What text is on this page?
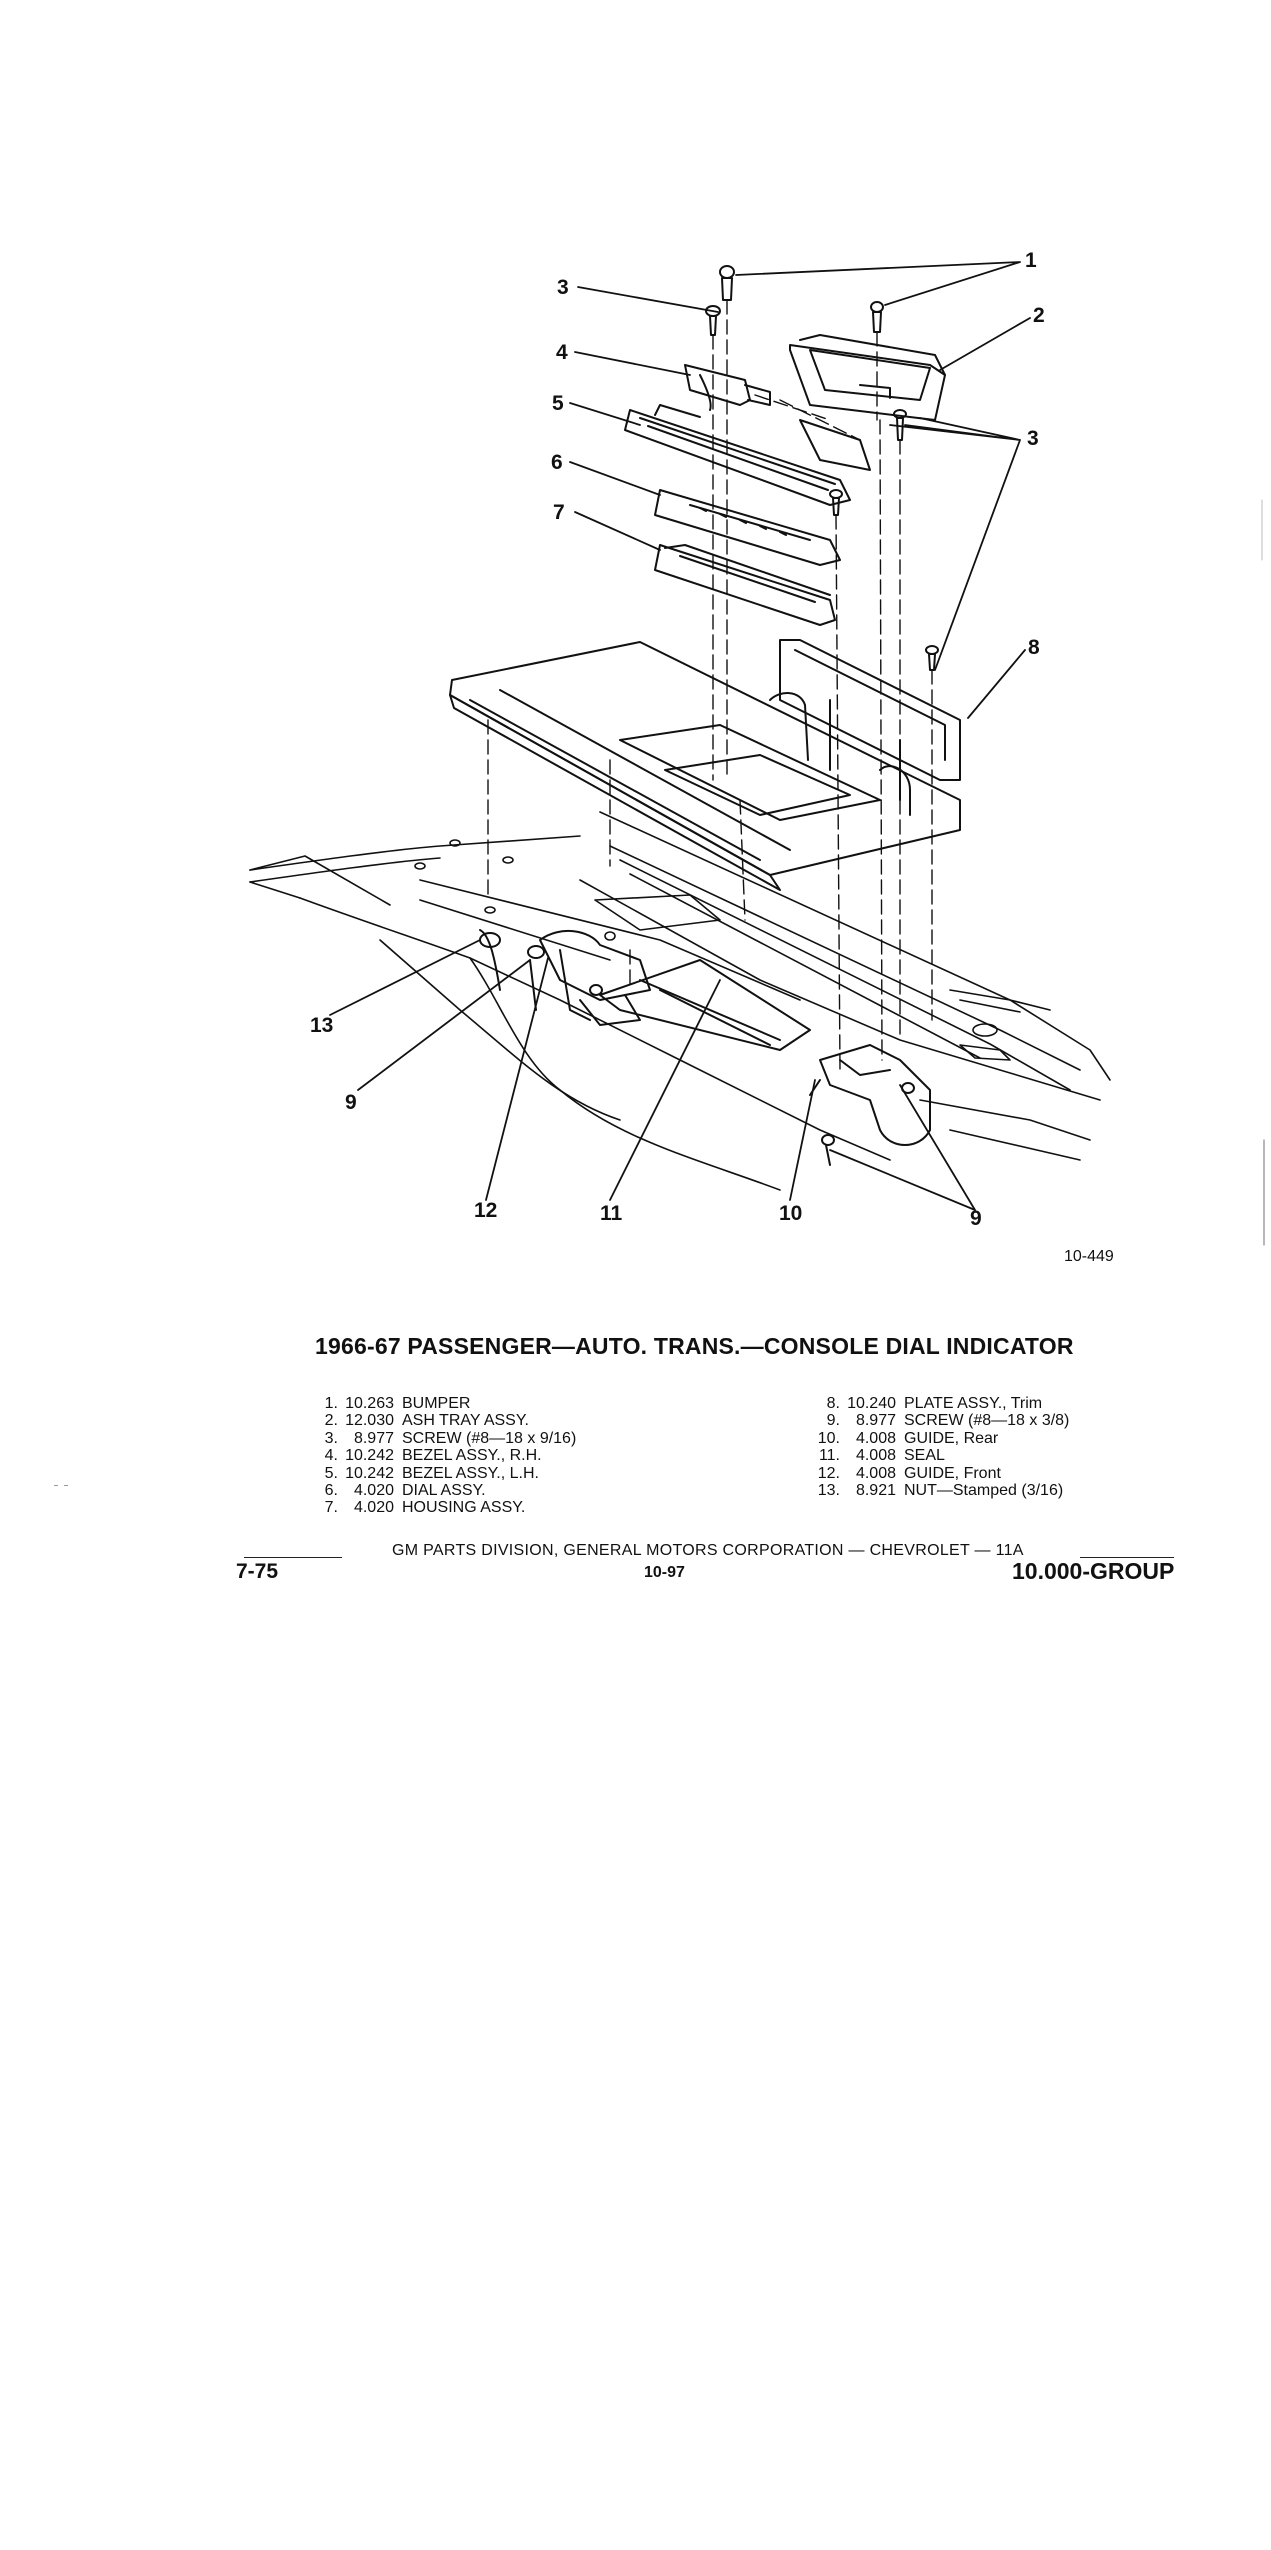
1
2
3
3
4
5
6
7
8
9
9
10
11
12
13
10-449
1966-67 PASSENGER—AUTO. TRANS.—CONSOLE DIAL INDICATOR
1. 10.263 BUMPER
2. 12.030 ASH TRAY ASSY.
3. 8.977 SCREW (#8—18 x 9/16)
4. 10.242 BEZEL ASSY., R.H.
5. 10.242 BEZEL ASSY., L.H.
6. 4.020 DIAL ASSY.
7. 4.020 HOUSING ASSY.
8. 10.240 PLATE ASSY., Trim
9. 8.977 SCREW (#8—18 x 3/8)
10. 4.008 GUIDE, Rear
11. 4.008 SEAL
12. 4.008 GUIDE, Front
13. 8.921 NUT—Stamped (3/16)
GM PARTS DIVISION, GENERAL MOTORS CORPORATION — CHEVROLET — 11A
7-75	10-97	10.000-GROUP
